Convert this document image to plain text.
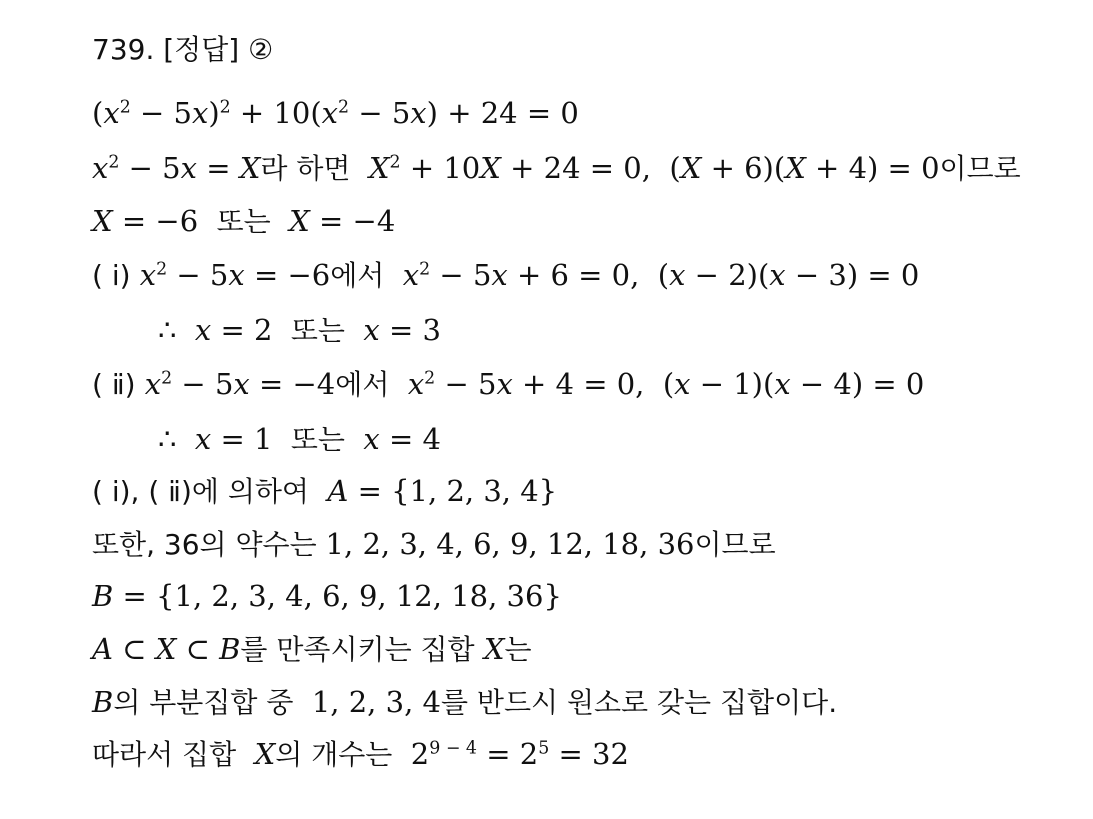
739. [정답] ②
$(x^2 - 5x)^2 + 10(x^2 - 5x) + 24 = 0$
$x^2 - 5x = X$라 하면 $X^2 + 10X + 24 = 0$,  (X + 6)(X + 4) = 0이므로
X = −6  또는 X = −4
( ⅰ) $x^2 - 5x = -6$에서 $x^2 - 5x + 6 = 0$,  (x − 2)(x − 3) = 0
∴ x = 2  또는 x = 3
( ⅱ) $x^2 - 5x = -4$에서 $x^2 - 5x + 4 = 0$,  (x − 1)(x − 4) = 0
∴ x = 1  또는 x = 4
( ⅰ), ( ⅱ)에 의하여 A = {1, 2, 3, 4}
또한, 36의 약수는 1, 2, 3, 4, 6, 9, 12, 18, 36이므로
B = {1, 2, 3, 4, 6, 9, 12, 18, 36}
A ⊂ X ⊂ B를 만족시키는 집합 X는
B의 부분집합 중  1, 2, 3, 4를 반드시 원소로 갖는 집합이다.
따라서 집합 X의 개수는  $2^{9 - 4} = 2^5 = 32$
